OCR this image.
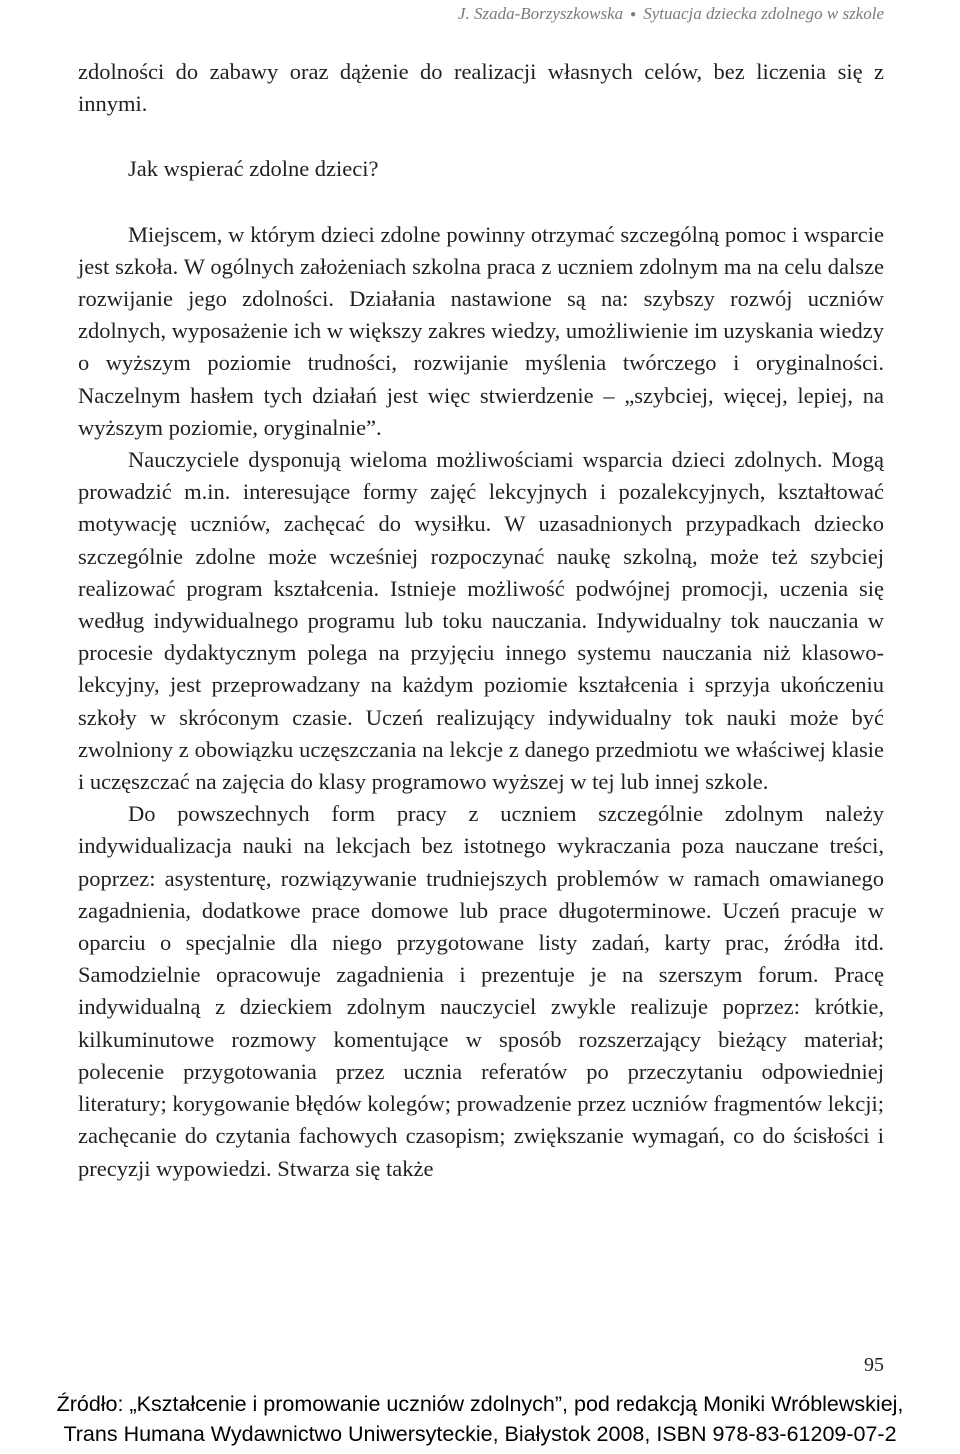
J. Szada-Borzyszkowska ● Sytuacja dziecka zdolnego w szkole

zdolności do zabawy oraz dążenie do realizacji własnych celów, bez liczenia się z innymi.

Jak wspierać zdolne dzieci?

Miejscem, w którym dzieci zdolne powinny otrzymać szczególną pomoc i wsparcie jest szkoła. W ogólnych założeniach szkolna praca z uczniem zdolnym ma na celu dalsze rozwijanie jego zdolności. Działania nastawione są na: szybszy rozwój uczniów zdolnych, wyposażenie ich w większy zakres wiedzy, umożliwienie im uzyskania wiedzy o wyższym poziomie trudności, rozwijanie myślenia twórczego i oryginalności. Naczelnym hasłem tych działań jest więc stwierdzenie – „szybciej, więcej, lepiej, na wyższym poziomie, oryginalnie”.

Nauczyciele dysponują wieloma możliwościami wsparcia dzieci zdolnych. Mogą prowadzić m.in. interesujące formy zajęć lekcyjnych i pozalekcyjnych, kształtować motywację uczniów, zachęcać do wysiłku. W uzasadnionych przypadkach dziecko szczególnie zdolne może wcześniej rozpoczynać naukę szkolną, może też szybciej realizować program kształcenia. Istnieje możliwość podwójnej promocji, uczenia się według indywidualnego programu lub toku nauczania. Indywidualny tok nauczania w procesie dydaktycznym polega na przyjęciu innego systemu nauczania niż klasowo-lekcyjny, jest przeprowadzany na każdym poziomie kształcenia i sprzyja ukończeniu szkoły w skróconym czasie. Uczeń realizujący indywidualny tok nauki może być zwolniony z obowiązku uczęszczania na lekcje z danego przedmiotu we właściwej klasie i uczęszczać na zajęcia do klasy programowo wyższej w tej lub innej szkole.

Do powszechnych form pracy z uczniem szczególnie zdolnym należy indywidualizacja nauki na lekcjach bez istotnego wykraczania poza nauczane treści, poprzez: asystenturę, rozwiązywanie trudniejszych problemów w ramach omawianego zagadnienia, dodatkowe prace domowe lub prace długoterminowe. Uczeń pracuje w oparciu o specjalnie dla niego przygotowane listy zadań, karty prac, źródła itd. Samodzielnie opracowuje zagadnienia i prezentuje je na szerszym forum. Pracę indywidualną z dzieckiem zdolnym nauczyciel zwykle realizuje poprzez: krótkie, kilkuminutowe rozmowy komentujące w sposób rozszerzający bieżący materiał; polecenie przygotowania przez ucznia referatów po przeczytaniu odpowiedniej literatury; korygowanie błędów kolegów; prowadzenie przez uczniów fragmentów lekcji; zachęcanie do czytania fachowych czasopism; zwiększanie wymagań, co do ścisłości i precyzji wypowiedzi. Stwarza się także

95
Źródło: „Kształcenie i promowanie uczniów zdolnych”, pod redakcją Moniki Wróblewskiej,
Trans Humana Wydawnictwo Uniwersyteckie, Białystok 2008, ISBN 978-83-61209-07-2
